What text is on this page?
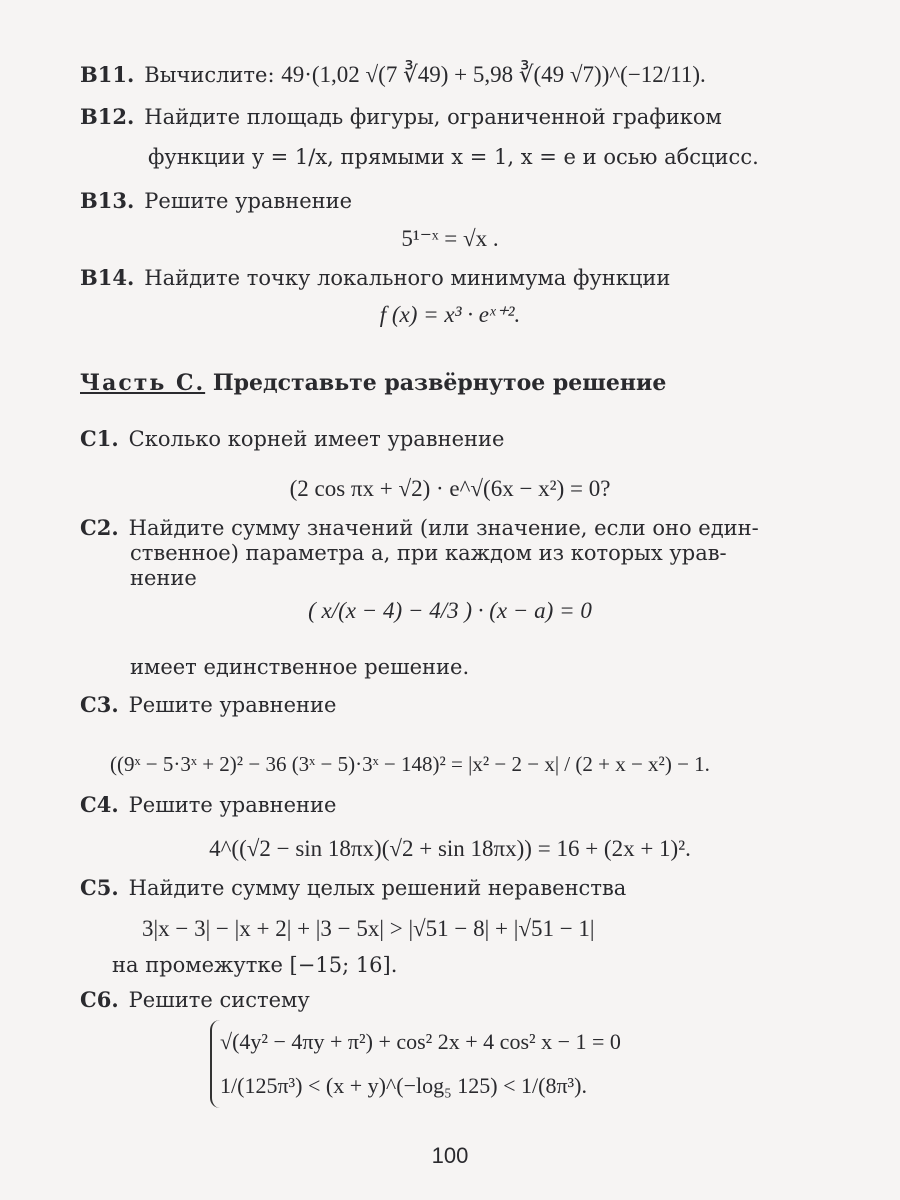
B11. Вычислите: 49·(1,02 √(7 ∛49) + 5,98 ∛(49 √7))^(−12/11).
B12. Найдите площадь фигуры, ограниченной графиком
функции y = 1/x, прямыми x = 1, x = e и осью абсцисс.
B13. Решите уравнение
5¹⁻ˣ = √x .
B14. Найдите точку локального минимума функции
f (x) = x³ · eˣ⁺².
Часть С. Представьте развёрнутое решение
C1. Сколько корней имеет уравнение
(2 cos πx + √2) · e^√(6x − x²) = 0?
C2. Найдите сумму значений (или значение, если оно един-
ственное) параметра a, при каждом из которых урав-
нение
( x/(x − 4) − 4/3 ) · (x − a) = 0
имеет единственное решение.
C3. Решите уравнение
((9ˣ − 5·3ˣ + 2)² − 36 (3ˣ − 5)·3ˣ − 148)² = |x² − 2 − x| / (2 + x − x²) − 1.
C4. Решите уравнение
4^((√2 − sin 18πx)(√2 + sin 18πx)) = 16 + (2x + 1)².
C5. Найдите сумму целых решений неравенства
3|x − 3| − |x + 2| + |3 − 5x| > |√51 − 8| + |√51 − 1|
на промежутке [−15; 16].
C6. Решите систему
√(4y² − 4πy + π²) + cos² 2x + 4 cos² x − 1 = 0
1/(125π³) < (x + y)^(−log₅ 125) < 1/(8π³).
100
